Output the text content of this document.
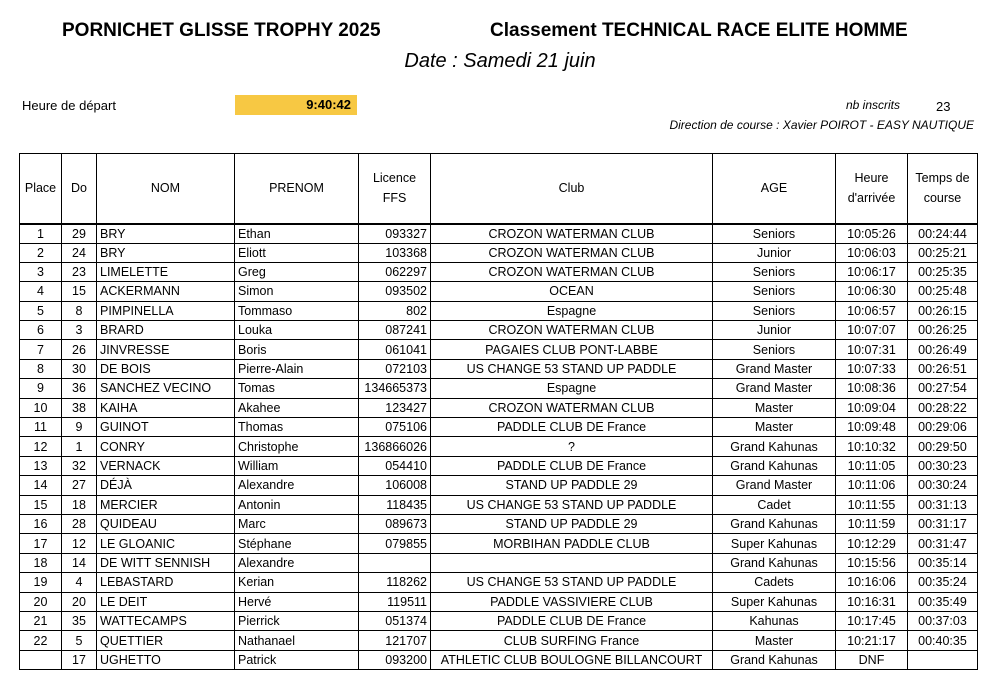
PORNICHET GLISSE TROPHY 2025	Classement TECHNICAL RACE ELITE HOMME
Date : Samedi 21 juin
Heure de départ	9:40:42	nb inscrits	23
Direction de course : Xavier POIROT - EASY NAUTIQUE
Place	Do	NOM	PRENOM	Licence FFS	Club	AGE	Heure d'arrivée	Temps de course
1	29	BRY	Ethan	093327	CROZON WATERMAN CLUB	Seniors	10:05:26	00:24:44
2	24	BRY	Eliott	103368	CROZON WATERMAN CLUB	Junior	10:06:03	00:25:21
3	23	LIMELETTE	Greg	062297	CROZON WATERMAN CLUB	Seniors	10:06:17	00:25:35
4	15	ACKERMANN	Simon	093502	OCEAN	Seniors	10:06:30	00:25:48
5	8	PIMPINELLA	Tommaso	802	Espagne	Seniors	10:06:57	00:26:15
6	3	BRARD	Louka	087241	CROZON WATERMAN CLUB	Junior	10:07:07	00:26:25
7	26	JINVRESSE	Boris	061041	PAGAIES CLUB PONT-LABBE	Seniors	10:07:31	00:26:49
8	30	DE BOIS	Pierre-Alain	072103	US CHANGE 53 STAND UP PADDLE	Grand Master	10:07:33	00:26:51
9	36	SANCHEZ VECINO	Tomas	134665373	Espagne	Grand Master	10:08:36	00:27:54
10	38	KAIHA	Akahee	123427	CROZON WATERMAN CLUB	Master	10:09:04	00:28:22
11	9	GUINOT	Thomas	075106	PADDLE CLUB DE France	Master	10:09:48	00:29:06
12	1	CONRY	Christophe	136866026	?	Grand Kahunas	10:10:32	00:29:50
13	32	VERNACK	William	054410	PADDLE CLUB DE France	Grand Kahunas	10:11:05	00:30:23
14	27	DÉJÀ	Alexandre	106008	STAND UP PADDLE 29	Grand Master	10:11:06	00:30:24
15	18	MERCIER	Antonin	118435	US CHANGE 53 STAND UP PADDLE	Cadet	10:11:55	00:31:13
16	28	QUIDEAU	Marc	089673	STAND UP PADDLE 29	Grand Kahunas	10:11:59	00:31:17
17	12	LE GLOANIC	Stéphane	079855	MORBIHAN PADDLE CLUB	Super Kahunas	10:12:29	00:31:47
18	14	DE WITT SENNISH	Alexandre			Grand Kahunas	10:15:56	00:35:14
19	4	LEBASTARD	Kerian	118262	US CHANGE 53 STAND UP PADDLE	Cadets	10:16:06	00:35:24
20	20	LE DEIT	Hervé	119511	PADDLE VASSIVIERE CLUB	Super Kahunas	10:16:31	00:35:49
21	35	WATTECAMPS	Pierrick	051374	PADDLE CLUB DE France	Kahunas	10:17:45	00:37:03
22	5	QUETTIER	Nathanael	121707	CLUB SURFING France	Master	10:21:17	00:40:35
	17	UGHETTO	Patrick	093200	ATHLETIC CLUB BOULOGNE BILLANCOURT	Grand Kahunas	DNF	
